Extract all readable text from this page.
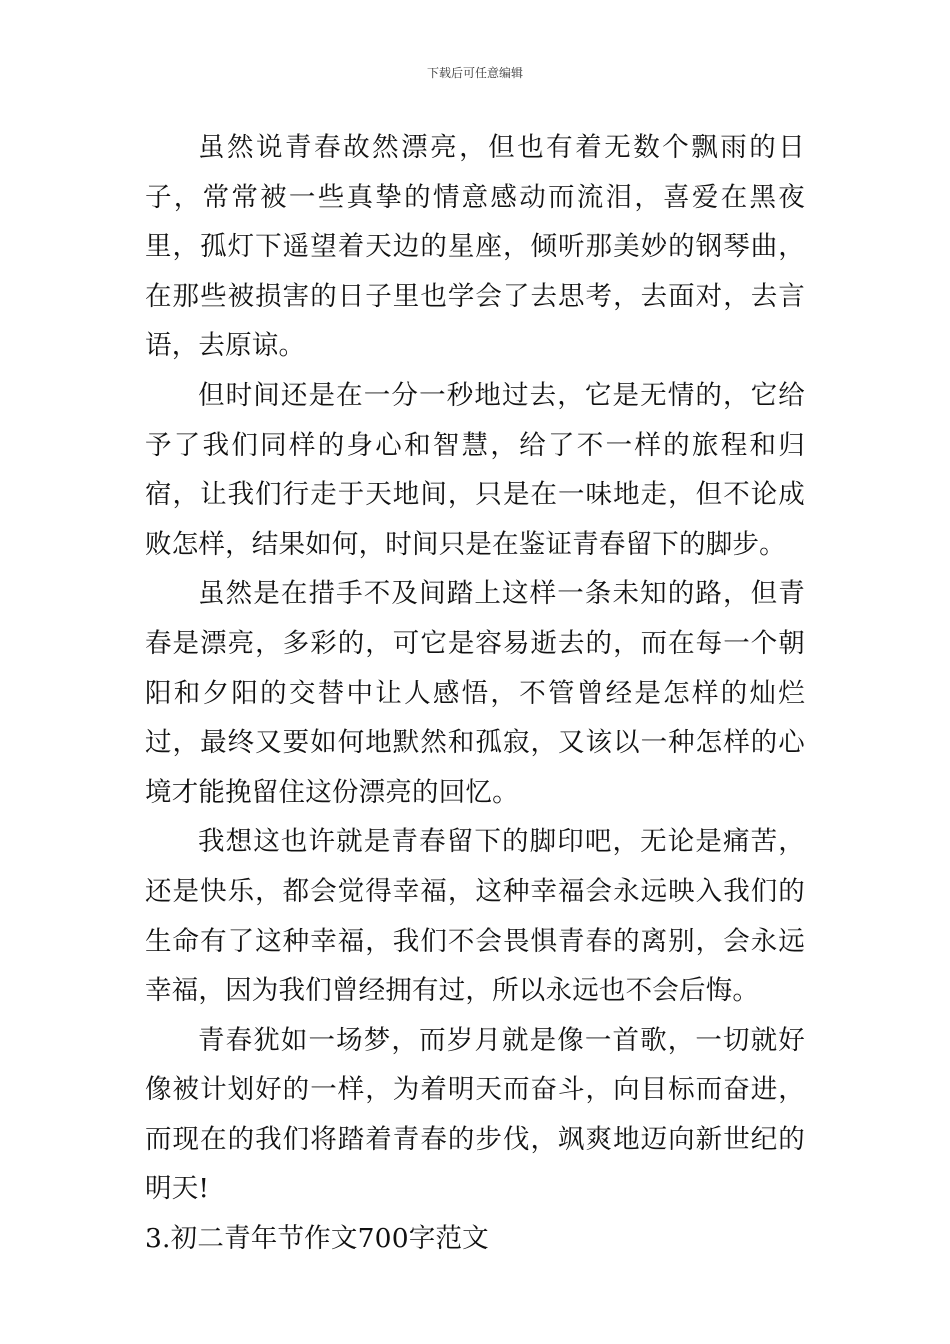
下载后可任意编辑

虽然说青春故然漂亮，但也有着无数个飘雨的日子，常常被一些真挚的情意感动而流泪，喜爱在黑夜里，孤灯下遥望着天边的星座，倾听那美妙的钢琴曲，在那些被损害的日子里也学会了去思考，去面对，去言语，去原谅。

但时间还是在一分一秒地过去，它是无情的，它给予了我们同样的身心和智慧，给了不一样的旅程和归宿，让我们行走于天地间，只是在一味地走，但不论成败怎样，结果如何，时间只是在鉴证青春留下的脚步。

虽然是在措手不及间踏上这样一条未知的路，但青春是漂亮，多彩的，可它是容易逝去的，而在每一个朝阳和夕阳的交替中让人感悟，不管曾经是怎样的灿烂过，最终又要如何地默然和孤寂，又该以一种怎样的心境才能挽留住这份漂亮的回忆。

我想这也许就是青春留下的脚印吧，无论是痛苦，还是快乐，都会觉得幸福，这种幸福会永远映入我们的生命有了这种幸福，我们不会畏惧青春的离别，会永远幸福，因为我们曾经拥有过，所以永远也不会后悔。

青春犹如一场梦，而岁月就是像一首歌，一切就好像被计划好的一样，为着明天而奋斗，向目标而奋进，而现在的我们将踏着青春的步伐，飒爽地迈向新世纪的明天!

3.初二青年节作文700字范文
